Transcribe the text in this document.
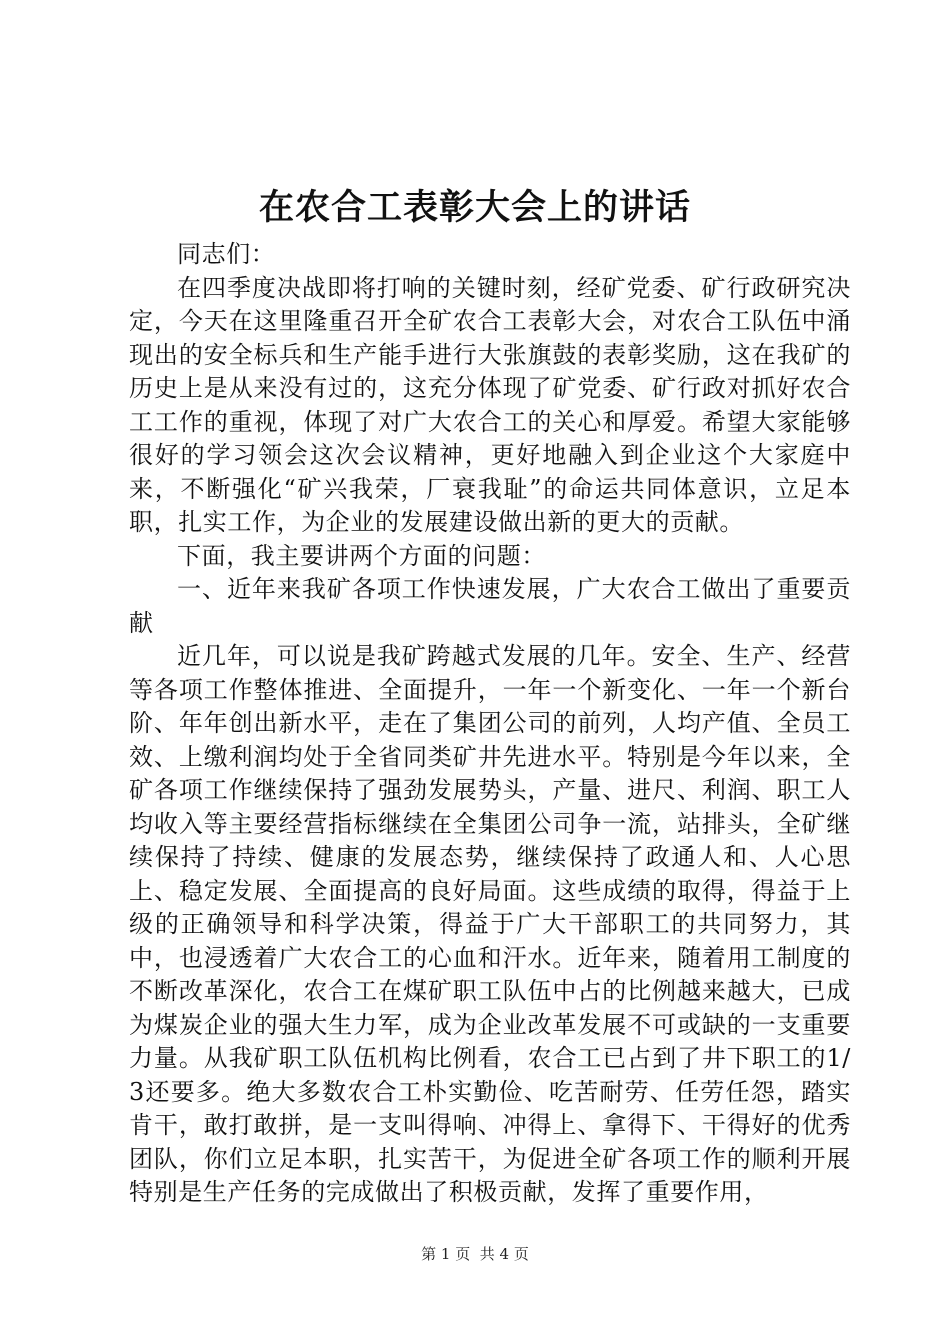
在农合工表彰大会上的讲话

同志们：

在四季度决战即将打响的关键时刻，经矿党委、矿行政研究决定，今天在这里隆重召开全矿农合工表彰大会，对农合工队伍中涌现出的安全标兵和生产能手进行大张旗鼓的表彰奖励，这在我矿的历史上是从来没有过的，这充分体现了矿党委、矿行政对抓好农合工工作的重视，体现了对广大农合工的关心和厚爱。希望大家能够很好的学习领会这次会议精神，更好地融入到企业这个大家庭中来，不断强化“矿兴我荣，厂衰我耻”的命运共同体意识，立足本职，扎实工作，为企业的发展建设做出新的更大的贡献。

下面，我主要讲两个方面的问题：

一、近年来我矿各项工作快速发展，广大农合工做出了重要贡献

近几年，可以说是我矿跨越式发展的几年。安全、生产、经营等各项工作整体推进、全面提升，一年一个新变化、一年一个新台阶、年年创出新水平，走在了集团公司的前列，人均产值、全员工效、上缴利润均处于全省同类矿井先进水平。特别是今年以来，全矿各项工作继续保持了强劲发展势头，产量、进尺、利润、职工人均收入等主要经营指标继续在全集团公司争一流，站排头，全矿继续保持了持续、健康的发展态势，继续保持了政通人和、人心思上、稳定发展、全面提高的良好局面。这些成绩的取得，得益于上级的正确领导和科学决策，得益于广大干部职工的共同努力，其中，也浸透着广大农合工的心血和汗水。近年来，随着用工制度的不断改革深化，农合工在煤矿职工队伍中占的比例越来越大，已成为煤炭企业的强大生力军，成为企业改革发展不可或缺的一支重要力量。从我矿职工队伍机构比例看，农合工已占到了井下职工的1/3还要多。绝大多数农合工朴实勤俭、吃苦耐劳、任劳任怨，踏实肯干，敢打敢拼，是一支叫得响、冲得上、拿得下、干得好的优秀团队，你们立足本职，扎实苦干，为促进全矿各项工作的顺利开展特别是生产任务的完成做出了积极贡献，发挥了重要作用，

第 1 页 共 4 页
